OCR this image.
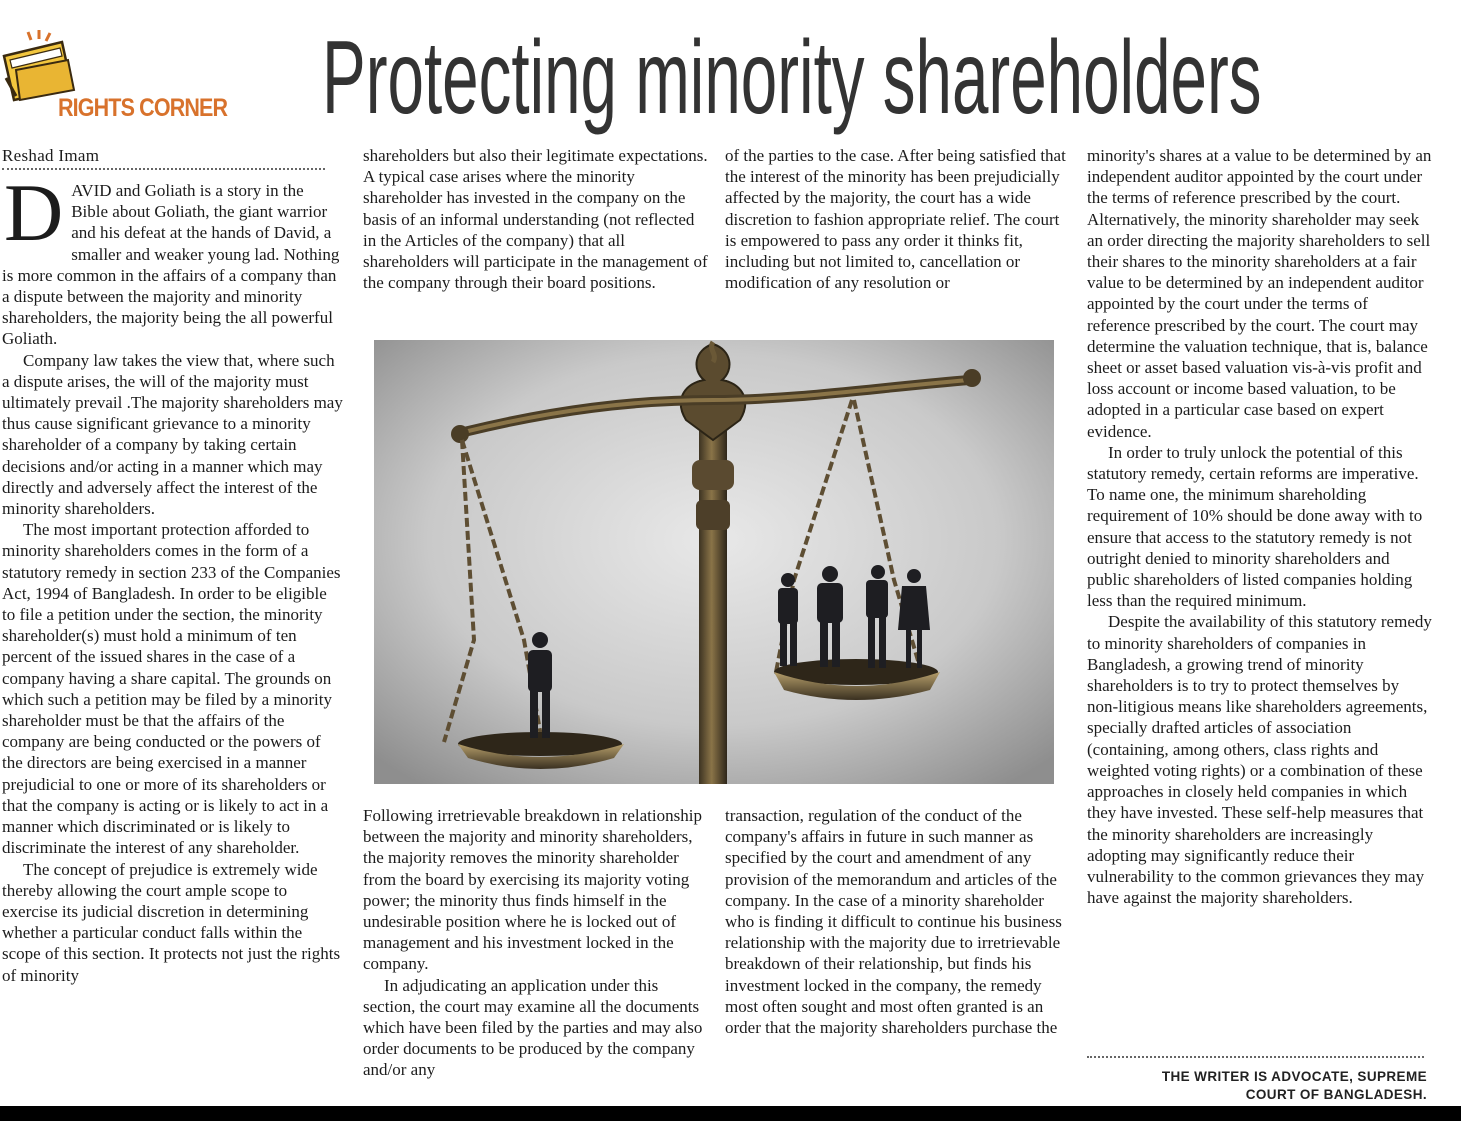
RIGHTS CORNER Protecting minority shareholders
Reshad Imam
D AVID and Goliath is a story in the Bible about Goliath, the giant warrior and his defeat at the hands of David, a smaller and weaker young lad. Nothing is more common in the affairs of a company than a dispute between the majority and minority shareholders, the majority being the all powerful Goliath.

Company law takes the view that, where such a dispute arises, the will of the majority must ultimately prevail .The majority shareholders may thus cause significant grievance to a minority shareholder of a company by taking certain decisions and/or acting in a manner which may directly and adversely affect the interest of the minority shareholders.

The most important protection afforded to minority shareholders comes in the form of a statutory remedy in section 233 of the Companies Act, 1994 of Bangladesh. In order to be eligible to file a petition under the section, the minority shareholder(s) must hold a minimum of ten percent of the issued shares in the case of a company having a share capital. The grounds on which such a petition may be filed by a minority shareholder must be that the affairs of the company are being conducted or the powers of the directors are being exercised in a manner prejudicial to one or more of its shareholders or that the company is acting or is likely to act in a manner which discriminated or is likely to discriminate the interest of any shareholder.

The concept of prejudice is extremely wide thereby allowing the court ample scope to exercise its judicial discretion in determining whether a particular conduct falls within the scope of this section. It protects not just the rights of minority

shareholders but also their legitimate expectations. A typical case arises where the minority shareholder has invested in the company on the basis of an informal understanding (not reflected in the Articles of the company) that all shareholders will participate in the management of the company through their board positions.

of the parties to the case. After being satisfied that the interest of the minority has been prejudicially affected by the majority, the court has a wide discretion to fashion appropriate relief. The court is empowered to pass any order it thinks fit, including but not limited to, cancellation or modification of any resolution or

Following irretrievable breakdown in relationship between the majority and minority shareholders, the majority removes the minority shareholder from the board by exercising its majority voting power; the minority thus finds himself in the undesirable position where he is locked out of management and his investment locked in the company.

In adjudicating an application under this section, the court may examine all the documents which have been filed by the parties and may also order documents to be produced by the company and/or any

transaction, regulation of the conduct of the company's affairs in future in such manner as specified by the court and amendment of any provision of the memorandum and articles of the company. In the case of a minority shareholder who is finding it difficult to continue his business relationship with the majority due to irretrievable breakdown of their relationship, but finds his investment locked in the company, the remedy most often sought and most often granted is an order that the majority shareholders purchase the

minority's shares at a value to be determined by an independent auditor appointed by the court under the terms of reference prescribed by the court. Alternatively, the minority shareholder may seek an order directing the majority shareholders to sell their shares to the minority shareholders at a fair value to be determined by an independent auditor appointed by the court under the terms of reference prescribed by the court. The court may determine the valuation technique, that is, balance sheet or asset based valuation vis-à-vis profit and loss account or income based valuation, to be adopted in a particular case based on expert evidence.

In order to truly unlock the potential of this statutory remedy, certain reforms are imperative. To name one, the minimum shareholding requirement of 10% should be done away with to ensure that access to the statutory remedy is not outright denied to minority shareholders and public shareholders of listed companies holding less than the required minimum.

Despite the availability of this statutory remedy to minority shareholders of companies in Bangladesh, a growing trend of minority shareholders is to try to protect themselves by non-litigious means like shareholders agreements, specially drafted articles of association (containing, among others, class rights and weighted voting rights) or a combination of these approaches in closely held companies in which they have invested. These self-help measures that the minority shareholders are increasingly adopting may significantly reduce their vulnerability to the common grievances they may have against the majority shareholders.

THE WRITER IS ADVOCATE, SUPREME
COURT OF BANGLADESH.
